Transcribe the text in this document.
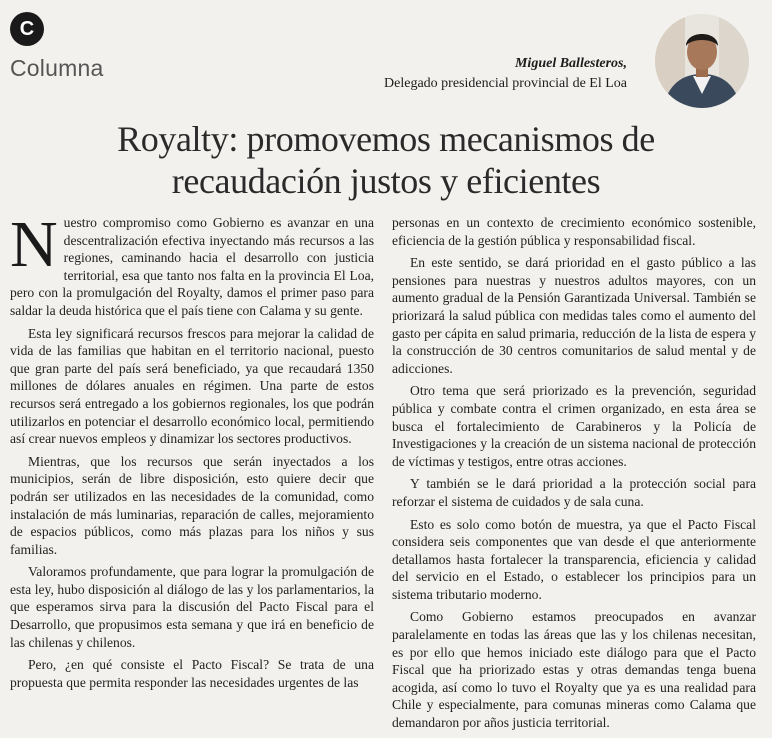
C
Columna	Miguel Ballesteros,
Delegado presidencial provincial de El Loa
Royalty: promovemos mecanismos de
recaudación justos y eficientes

Nuestro compromiso como Gobierno es avanzar en una descentralización efectiva inyectando más recursos a las regiones, caminando hacia el desarrollo con justicia territorial, esa que tanto nos falta en la provincia El Loa, pero con la promulgación del Royalty, damos el primer paso para saldar la deuda histórica que el país tiene con Calama y su gente.

Esta ley significará recursos frescos para mejorar la calidad de vida de las familias que habitan en el territorio nacional, puesto que gran parte del país será beneficiado, ya que recaudará 1350 millones de dólares anuales en régimen. Una parte de estos recursos será entregado a los gobiernos regionales, los que podrán utilizarlos en potenciar el desarrollo económico local, permitiendo así crear nuevos empleos y dinamizar los sectores productivos.

Mientras, que los recursos que serán inyectados a los municipios, serán de libre disposición, esto quiere decir que podrán ser utilizados en las necesidades de la comunidad, como instalación de más luminarias, reparación de calles, mejoramiento de espacios públicos, como más plazas para los niños y sus familias.

Valoramos profundamente, que para lograr la promulgación de esta ley, hubo disposición al diálogo de las y los parlamentarios, la que esperamos sirva para la discusión del Pacto Fiscal para el Desarrollo, que propusimos esta semana y que irá en beneficio de las chilenas y chilenos.

Pero, ¿en qué consiste el Pacto Fiscal? Se trata de una propuesta que permita responder las necesidades urgentes de las

personas en un contexto de crecimiento económico sostenible, eficiencia de la gestión pública y responsabilidad fiscal.

En este sentido, se dará prioridad en el gasto público a las pensiones para nuestras y nuestros adultos mayores, con un aumento gradual de la Pensión Garantizada Universal. También se priorizará la salud pública con medidas tales como el aumento del gasto per cápita en salud primaria, reducción de la lista de espera y la construcción de 30 centros comunitarios de salud mental y de adicciones.

Otro tema que será priorizado es la prevención, seguridad pública y combate contra el crimen organizado, en esta área se busca el fortalecimiento de Carabineros y la Policía de Investigaciones y la creación de un sistema nacional de protección de víctimas y testigos, entre otras acciones.

Y también se le dará prioridad a la protección social para reforzar el sistema de cuidados y de sala cuna.

Esto es solo como botón de muestra, ya que el Pacto Fiscal considera seis componentes que van desde el que anteriormente detallamos hasta fortalecer la transparencia, eficiencia y calidad del servicio en el Estado, o establecer los principios para un sistema tributario moderno.

Como Gobierno estamos preocupados en avanzar paralelamente en todas las áreas que las y los chilenas necesitan, es por ello que hemos iniciado este diálogo para que el Pacto Fiscal que ha priorizado estas y otras demandas tenga buena acogida, así como lo tuvo el Royalty que ya es una realidad para Chile y especialmente, para comunas mineras como Calama que demandaron por años justicia territorial.
